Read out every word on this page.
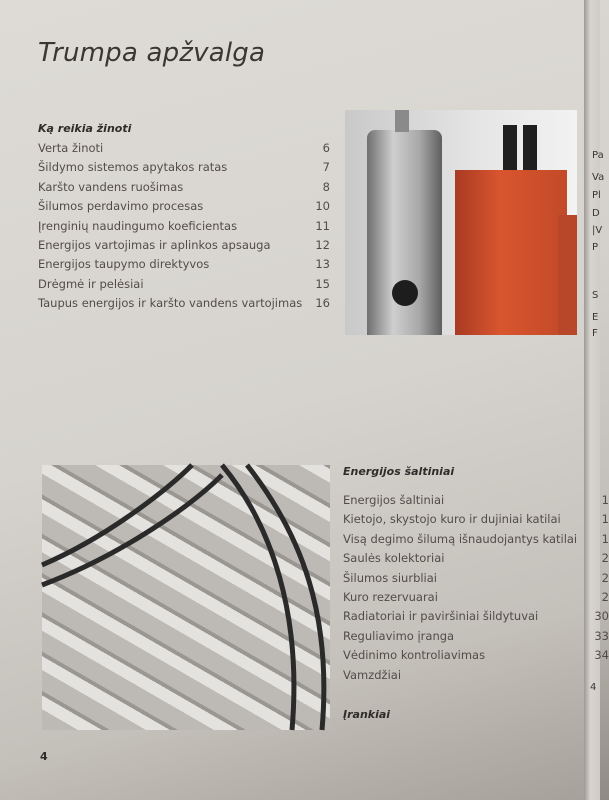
Trumpa apžvalga
Ką reikia žinoti
Verta žinoti	6
Šildymo sistemos apytakos ratas	7
Karšto vandens ruošimas	8
Šilumos perdavimo procesas	10
Įrenginių naudingumo koeficientas	11
Energijos vartojimas ir aplinkos apsauga	12
Energijos taupymo direktyvos	13
Drėgmė ir pelėsiai	15
Taupus energijos ir karšto vandens vartojimas 16
Energijos šaltiniai
Energijos šaltiniai	1
Kietojo, skystojo kuro ir dujiniai katilai	1
Visą degimo šilumą išnaudojantys katilai 1
Saulės kolektoriai	2
Šilumos siurbliai	2
Kuro rezervuarai	2
Radiatoriai ir paviršiniai šildytuvai	30
Reguliavimo įranga	33
Vėdinimo kontroliavimas	34
Vamzdžiai
4
Įrankiai
4
Pa
Va
Pl
D
|V
P
S
E
F
